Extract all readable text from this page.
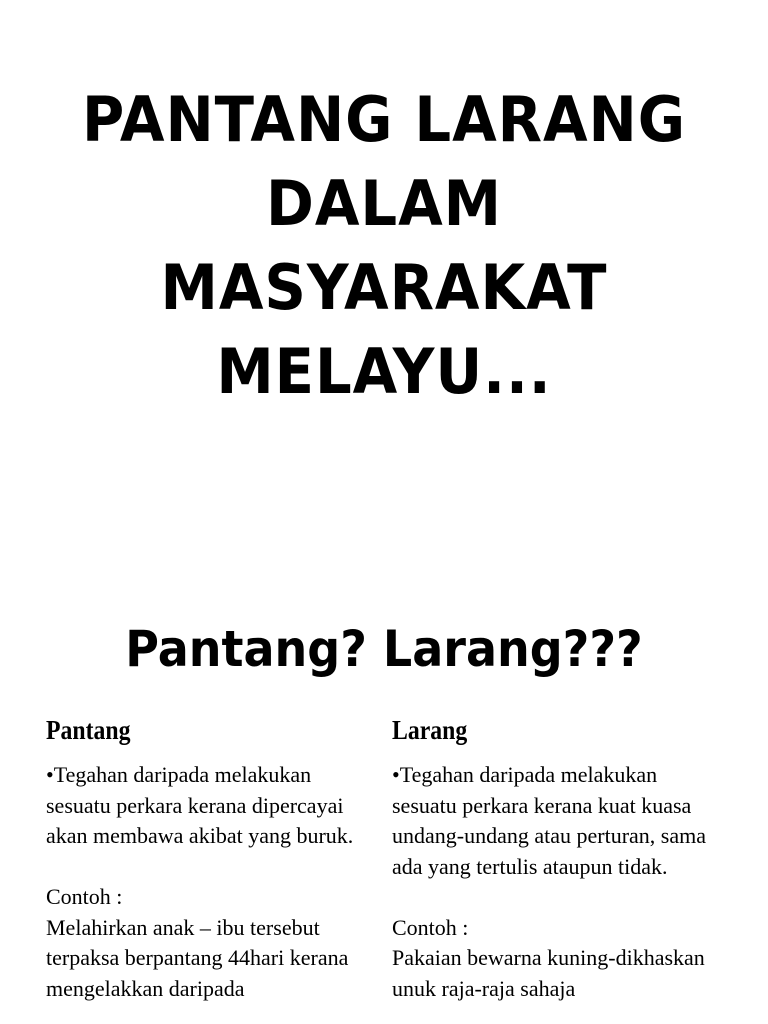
PANTANG LARANG
DALAM
MASYARAKAT
MELAYU...
Pantang? Larang???
Pantang

•Tegahan daripada melakukan sesuatu perkara kerana dipercayai akan membawa akibat yang buruk.

Contoh :

Melahirkan anak – ibu tersebut terpaksa berpantang 44hari kerana mengelakkan daripada

Larang

•Tegahan daripada melakukan sesuatu perkara kerana kuat kuasa undang-undang atau perturan, sama ada yang tertulis ataupun tidak.

Contoh :

Pakaian bewarna kuning-dikhaskan unuk raja-raja sahaja
